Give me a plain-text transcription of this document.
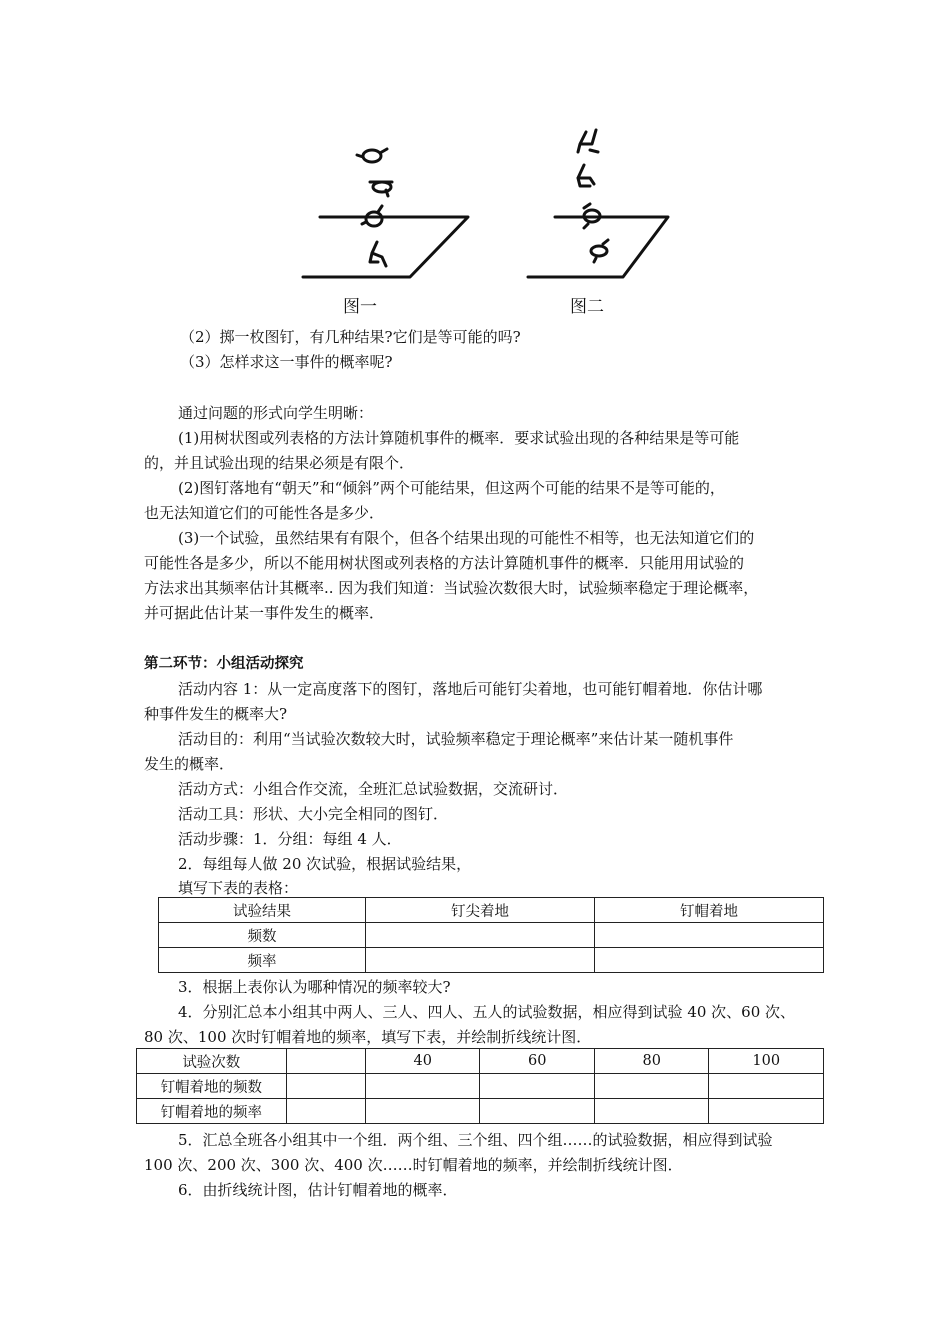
图一	图二
（2）掷一枚图钉，有几种结果?它们是等可能的吗?
（3）怎样求这一事件的概率呢?
通过问题的形式向学生明晰：
(1)用树状图或列表格的方法计算随机事件的概率．要求试验出现的各种结果是等可能
的，并且试验出现的结果必须是有限个．
(2)图钉落地有“朝天”和“倾斜”两个可能结果，但这两个可能的结果不是等可能的，
也无法知道它们的可能性各是多少．
(3)一个试验，虽然结果有有限个，但各个结果出现的可能性不相等，也无法知道它们的
可能性各是多少，所以不能用树状图或列表格的方法计算随机事件的概率．只能用用试验的
方法求出其频率估计其概率.. 因为我们知道：当试验次数很大时，试验频率稳定于理论概率，
并可据此估计某一事件发生的概率．
第二环节：小组活动探究
活动内容 1：从一定高度落下的图钉，落地后可能钉尖着地，也可能钉帽着地．你估计哪
种事件发生的概率大?
活动目的：利用“当试验次数较大时，试验频率稳定于理论概率”来估计某一随机事件
发生的概率．
活动方式：小组合作交流，全班汇总试验数据，交流研讨．
活动工具：形状、大小完全相同的图钉．
活动步骤：1．分组：每组 4 人．
2．每组每人做 20 次试验，根据试验结果，
填写下表的表格：
试验结果	钉尖着地	钉帽着地
频数		
频率		
3．根据上表你认为哪种情况的频率较大?
4．分别汇总本小组其中两人、三人、四人、五人的试验数据，相应得到试验 40 次、60 次、
80 次、100 次时钉帽着地的频率，填写下表，并绘制折线统计图．
试验次数		40	60	80	100
钉帽着地的频数					
钉帽着地的频率					
5．汇总全班各小组其中一个组．两个组、三个组、四个组……的试验数据，相应得到试验
100 次、200 次、300 次、400 次……时钉帽着地的频率，并绘制折线统计图．
6．由折线统计图，估计钉帽着地的概率．
